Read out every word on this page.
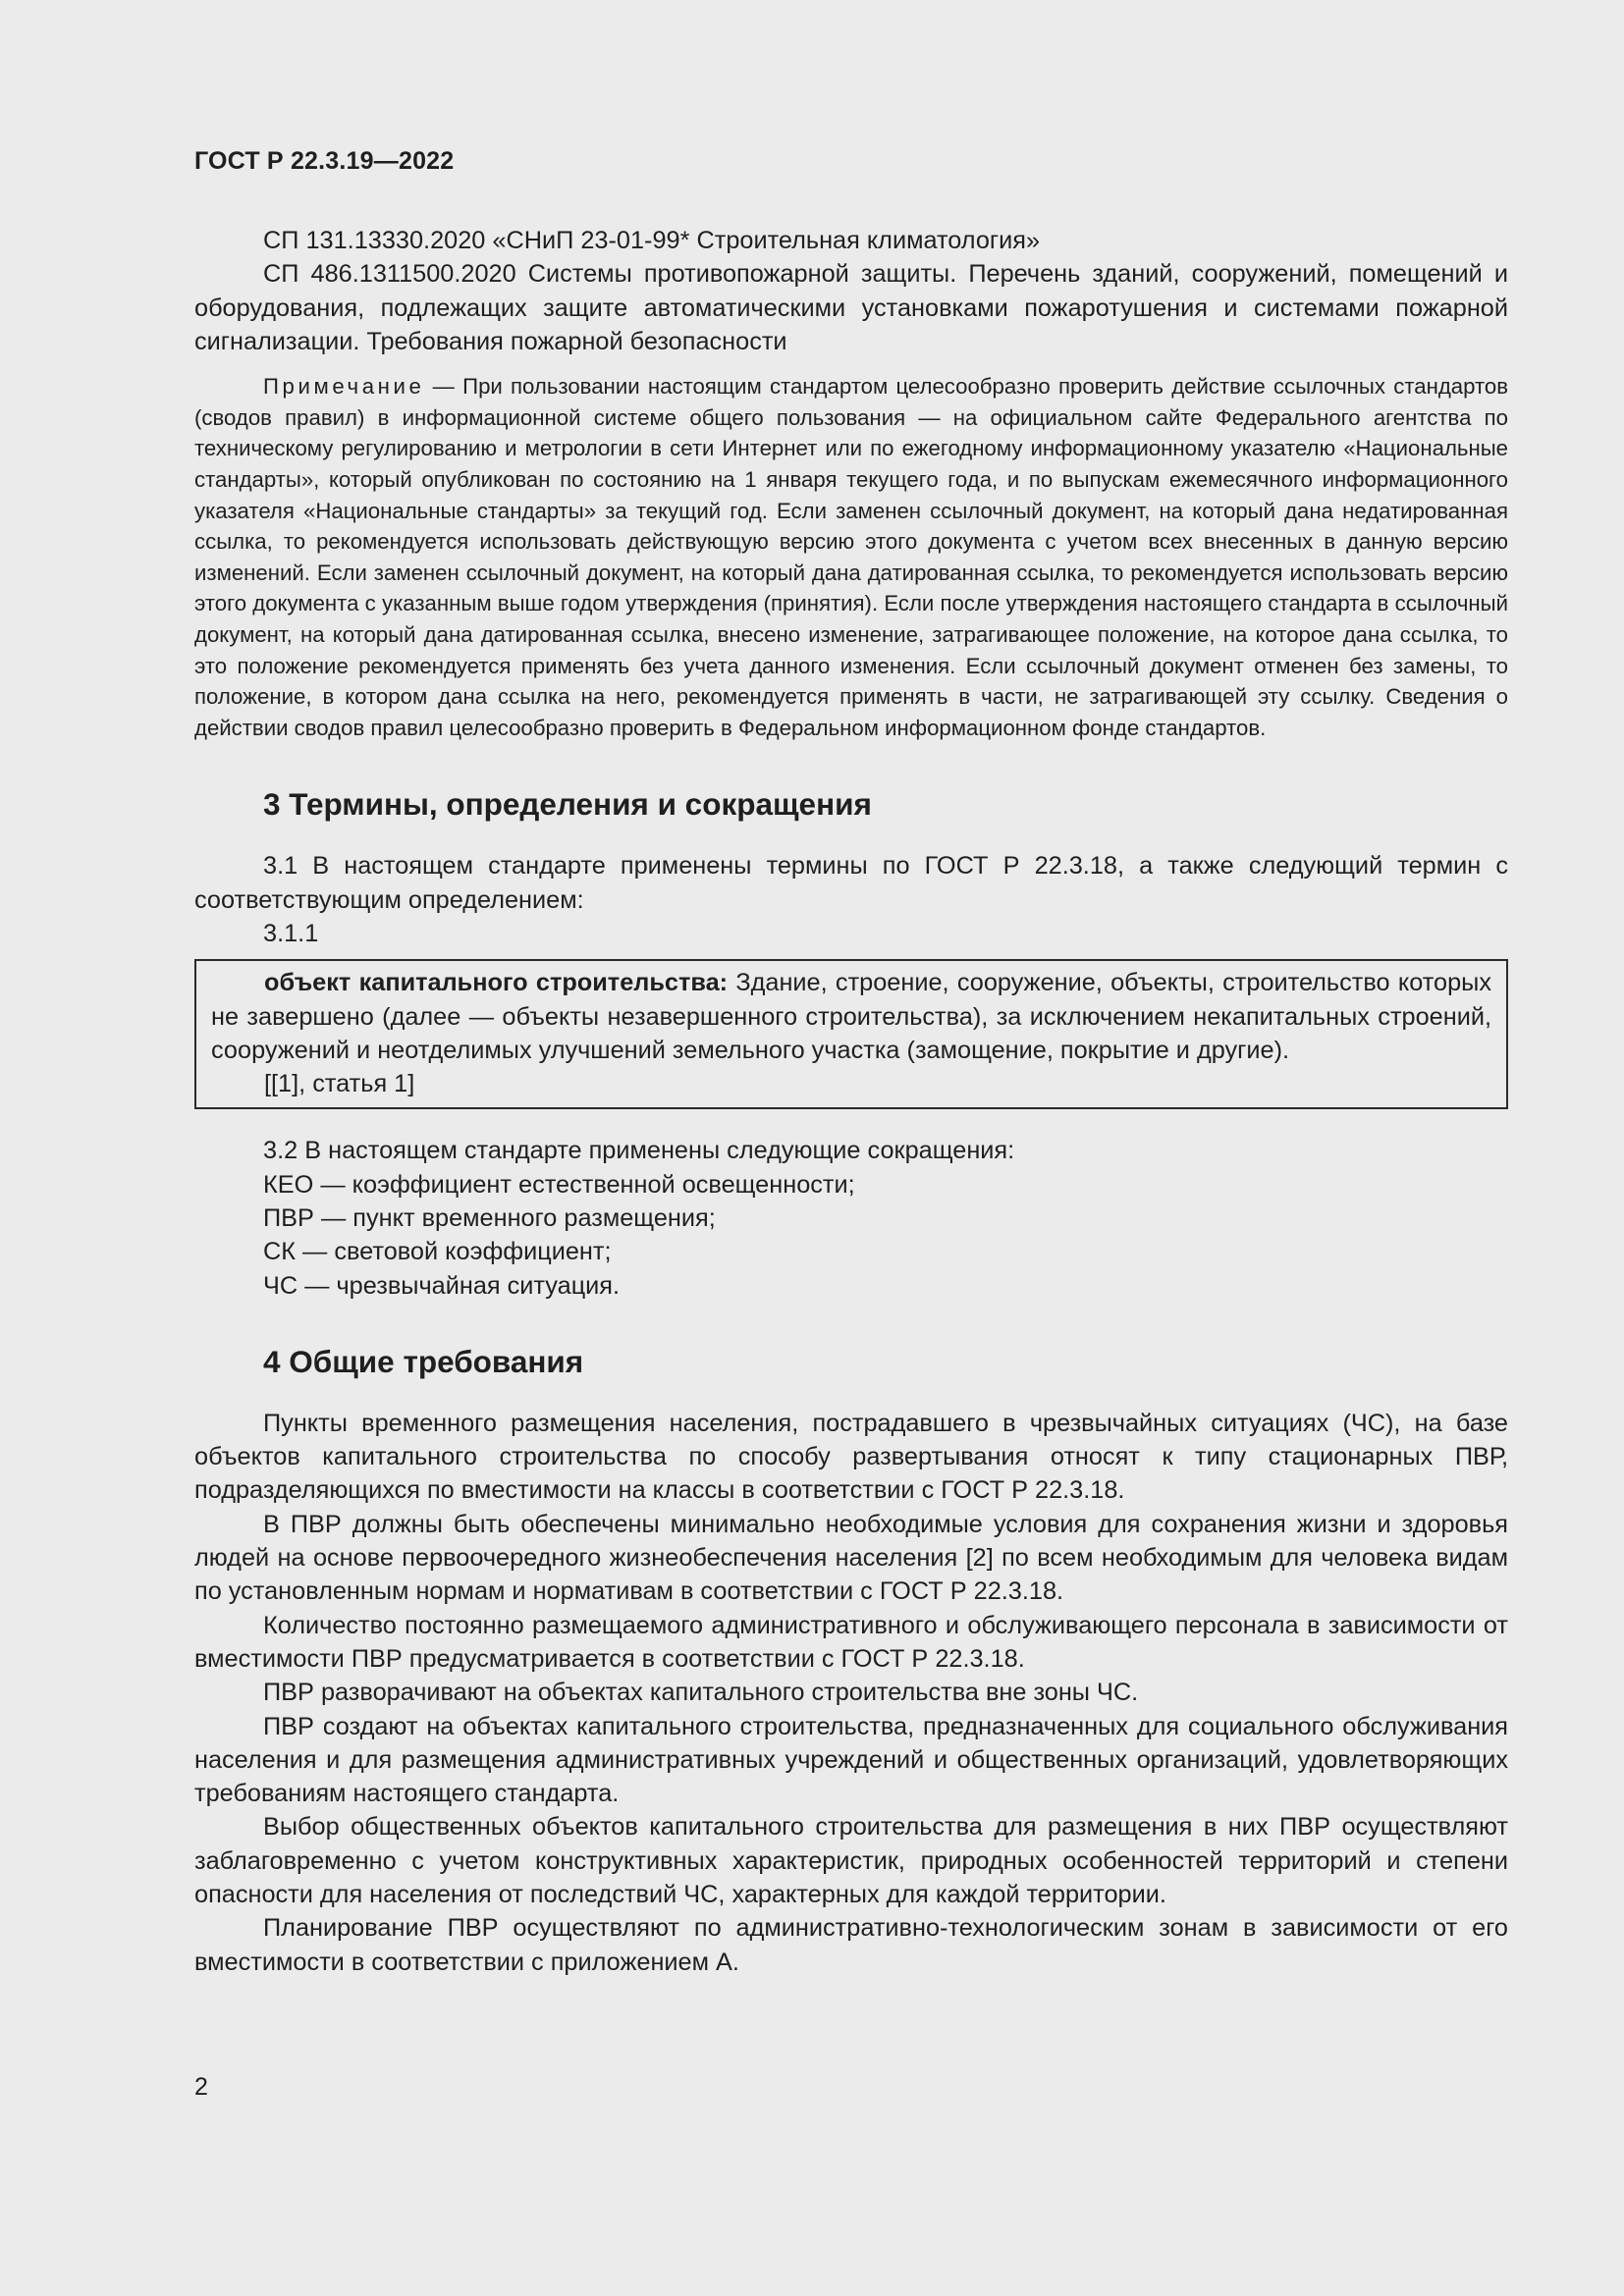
ГОСТ Р 22.3.19—2022

СП 131.13330.2020 «СНиП 23-01-99* Строительная климатология»

СП 486.1311500.2020 Системы противопожарной защиты. Перечень зданий, сооружений, помещений и оборудования, подлежащих защите автоматическими установками пожаротушения и системами пожарной сигнализации. Требования пожарной безопасности

Примечание — При пользовании настоящим стандартом целесообразно проверить действие ссылочных стандартов (сводов правил) в информационной системе общего пользования — на официальном сайте Федерального агентства по техническому регулированию и метрологии в сети Интернет или по ежегодному информационному указателю «Национальные стандарты», который опубликован по состоянию на 1 января текущего года, и по выпускам ежемесячного информационного указателя «Национальные стандарты» за текущий год. Если заменен ссылочный документ, на который дана недатированная ссылка, то рекомендуется использовать действующую версию этого документа с учетом всех внесенных в данную версию изменений. Если заменен ссылочный документ, на который дана датированная ссылка, то рекомендуется использовать версию этого документа с указанным выше годом утверждения (принятия). Если после утверждения настоящего стандарта в ссылочный документ, на который дана датированная ссылка, внесено изменение, затрагивающее положение, на которое дана ссылка, то это положение рекомендуется применять без учета данного изменения. Если ссылочный документ отменен без замены, то положение, в котором дана ссылка на него, рекомендуется применять в части, не затрагивающей эту ссылку. Сведения о действии сводов правил целесообразно проверить в Федеральном информационном фонде стандартов.

3 Термины, определения и сокращения

3.1 В настоящем стандарте применены термины по ГОСТ Р 22.3.18, а также следующий термин с соответствующим определением:

3.1.1

объект капитального строительства: Здание, строение, сооружение, объекты, строительство которых не завершено (далее — объекты незавершенного строительства), за исключением некапитальных строений, сооружений и неотделимых улучшений земельного участка (замощение, покрытие и другие).

[[1], статья 1]

3.2 В настоящем стандарте применены следующие сокращения:

КЕО — коэффициент естественной освещенности;

ПВР — пункт временного размещения;

СК — световой коэффициент;

ЧС — чрезвычайная ситуация.

4 Общие требования

Пункты временного размещения населения, пострадавшего в чрезвычайных ситуациях (ЧС), на базе объектов капитального строительства по способу развертывания относят к типу стационарных ПВР, подразделяющихся по вместимости на классы в соответствии с ГОСТ Р 22.3.18.

В ПВР должны быть обеспечены минимально необходимые условия для сохранения жизни и здоровья людей на основе первоочередного жизнеобеспечения населения [2] по всем необходимым для человека видам по установленным нормам и нормативам в соответствии с ГОСТ Р 22.3.18.

Количество постоянно размещаемого административного и обслуживающего персонала в зависимости от вместимости ПВР предусматривается в соответствии с ГОСТ Р 22.3.18.

ПВР разворачивают на объектах капитального строительства вне зоны ЧС.

ПВР создают на объектах капитального строительства, предназначенных для социального обслуживания населения и для размещения административных учреждений и общественных организаций, удовлетворяющих требованиям настоящего стандарта.

Выбор общественных объектов капитального строительства для размещения в них ПВР осуществляют заблаговременно с учетом конструктивных характеристик, природных особенностей территорий и степени опасности для населения от последствий ЧС, характерных для каждой территории.

Планирование ПВР осуществляют по административно-технологическим зонам в зависимости от его вместимости в соответствии с приложением А.

2
